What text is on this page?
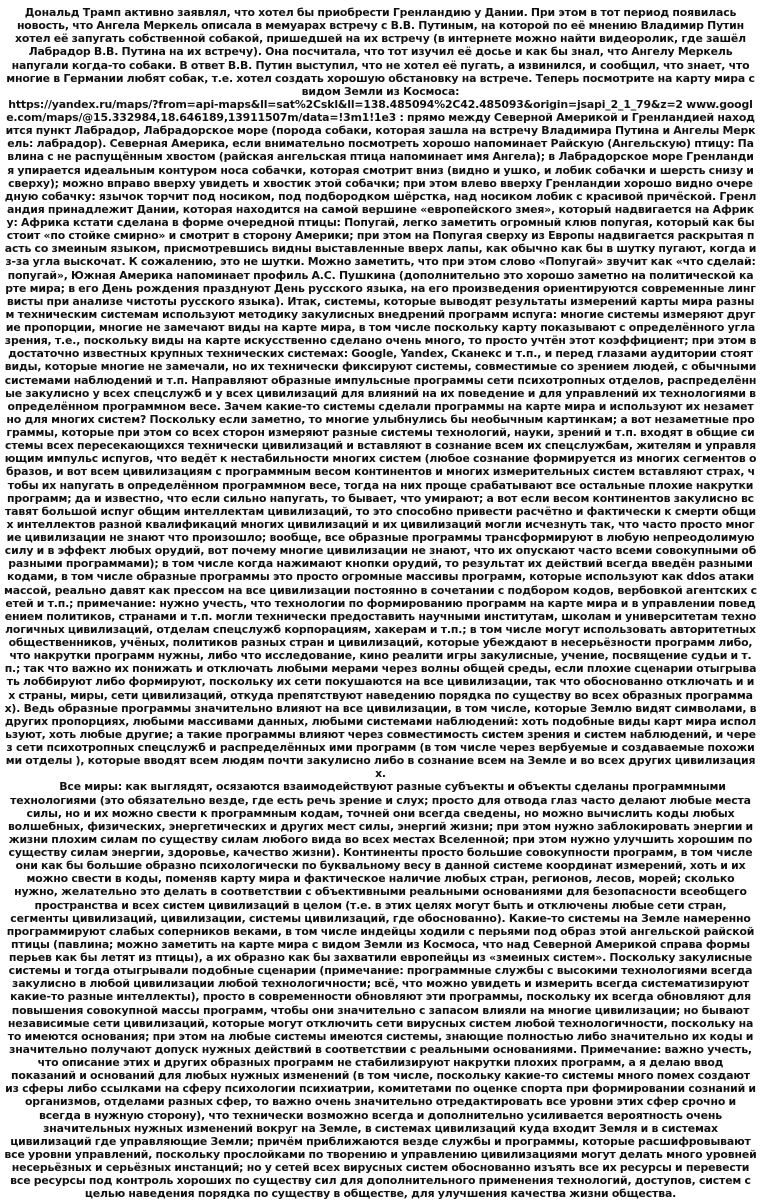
Дональд Трамп активно заявлял, что хотел бы приобрести Гренландию у Дании. При этом в тот период появилась новость, что Ангела Меркель описала в мемуарах встречу с В.В. Путиным, на которой по её мнению Владимир Путин хотел её запугать собственной собакой, пришедшей на их встречу (в интернете можно найти видеоролик, где зашёл Лабрадор В.В. Путина на их встречу). Она посчитала, что тот изучил её досье и как бы знал, что Ангелу Меркель напугали когда-то собаки. В ответ В.В. Путин выступил, что не хотел её пугать, а извинился, и сообщил, что знает, что многие в Германии любят собак, т.е. хотел создать хорошую обстановку на встрече. Теперь посмотрите на карту мира с видом Земли из Космоса:

https://yandex.ru/maps/?from=api-maps&ll=sat%2Cskl&ll=138.485094%2C42.485093&origin=jsapi_2_1_79&z=2 www.google.com/maps/@15.332984,18.646189,13911507m/data=!3m1!1e3 : прямо между Северной Америкой и Гренландией находится пункт Лабрадор, Лабрадорское море (порода собаки, которая зашла на встречу Владимира Путина и Ангелы Меркель: лабрадор). Северная Америка, если внимательно посмотреть хорошо напоминает Райскую (Ангельскую) птицу: Павлина с не распущённым хвостом (райская ангельская птица напоминает имя Ангела); в Лабрадорское море Гренландия упирается идеальным контуром носа собачки, которая смотрит вниз (видно и ушко, и лобик собачки и шерсть снизу и сверху); можно вправо вверху увидеть и хвостик этой собачки; при этом влево вверху Гренландии хорошо видно очередную собачку: язычок торчит под носиком, под подбородком шёрстка, над носиком лобик с красивой причёской. Гренландия принадлежит Дании, которая находится на самой вершине «европейского змея», который надвигается на Африку: Африка кстати сделана в форме очередной птицы: Попугай, легко заметить огромный клюв попугая, который как бы стоит «по стойке смирно» и смотрит в сторону Америки; при этом на Попугая сверху из Европы надвигается раскрытая пасть со змеиным языком, присмотревшись видны выставленные вверх лапы, как обычно как бы в шутку пугают, когда из-за угла выскочат. К сожалению, это не шутки. Можно заметить, что при этом слово «Попугай» звучит как «что сделай: попугай», Южная Америка напоминает профиль А.С. Пушкина (дополнительно это хорошо заметно на политической карте мира; в его День рождения празднуют День русского языка, на его произведения ориентируются современные лингвисты при анализе чистоты русского языка). Итак, системы, которые выводят результаты измерений карты мира разным техническим системам используют методику закулисных внедрений программ испуга: многие системы измеряют другие пропорции, многие не замечают виды на карте мира, в том числе поскольку карту показывают с определённого угла зрения, т.е., поскольку виды на карте искусственно сделано очень много, то просто учтён этот коэффициент; при этом в достаточно известных крупных технических системах: Google, Yandex, Сканекс и т.п., и перед глазами аудитории стоят виды, которые многие не замечали, но их технически фиксируют системы, совместимые со зрением людей, с обычными системами наблюдений и т.п. Направляют образные импульсные программы сети психотропных отделов, распределённые закулисно у всех спецслужб и у всех цивилизаций для влияний на их поведение и для управлений их технологиями в определённом программном весе. Зачем какие-то системы сделали программы на карте мира и используют их незаметно для многих систем? Поскольку если заметно, то многие улыбнулись бы необычным картинкам; а вот незаметные программы, которые при этом со всех сторон измеряют разные системы технологий, науки, зрений и т.п. входят в общие системы всех пересекающихся технически цивилизаций и вставляют в сознание всем их спецслужбам, жителям и управляющим импульс испугов, что ведёт к нестабильности многих систем (любое сознание формируется из многих сегментов образов, и вот всем цивилизациям с программным весом континентов и многих измерительных систем вставляют страх, чтобы их напугать в определённом программном весе, тогда на них проще срабатывают все остальные плохие накрутки программ; да и известно, что если сильно напугать, то бывает, что умирают; а вот если весом континентов закулисно вставят большой испуг общим интеллектам цивилизаций, то это способно привести расчётно и фактически к смерти общих интеллектов разной квалификаций многих цивилизаций и их цивилизаций могли исчезнуть так, что часто просто многие цивилизации не знают что произошло; вообще, все образные программы трансформируют в любую непреодолимую силу и в эффект любых орудий, вот почему многие цивилизации не знают, что их опускают часто всеми совокупными образными программами); в том числе когда нажимают кнопки орудий, то результат их действий всегда введён разными кодами, в том числе образные программы это просто огромные массивы программ, которые используют как ddos атаки массой, реально давят как прессом на все цивилизации постоянно в сочетании с подбором кодов, вербовкой агентских сетей и т.п.; примечание: нужно учесть, что технологии по формированию программ на карте мира и в управлении поведением политиков, странами и т.п. могли технически предоставить научными институтам, школам и университетам технологичных цивилизаций, отделам спецслужб корпорациям, хакерам и т.п.; в том числе могут использовать авторитетных общественников, учёных, политиков разных стран и цивилизаций, которые убеждают в несерьёзности программ либо, что накрутки программ нужны, либо что исследование, кино реалити игры закулисные, учение, посвящение судьи и т.п.; так что важно их понижать и отключать любыми мерами через волны общей среды, если плохие сценарии отыгрывать лоббируют либо формируют, поскольку их сети покушаются на все цивилизации, так что обоснованно отключать и их страны, миры, сети цивилизаций, откуда препятствуют наведению порядка по существу во всех образных программах). Ведь образные программы значительно влияют на все цивилизации, в том числе, которые Землю видят символами, в других пропорциях, любыми массивами данных, любыми системами наблюдений: хоть подобные виды карт мира используют, хоть любые другие; а такие программы влияют через совместимость систем зрения и систем наблюдений, и через сети психотропных спецслужб и распределённых ими программ (в том числе через вербуемые и создаваемые похожими отделы ), которые вводят всем людям почти закулисно либо в сознание всем на Земле и во всех других цивилизациях.

Все миры: как выглядят, осязаются взаимодействуют разные субъекты и объекты сделаны программными технологиями (это обязательно везде, где есть речь зрение и слух; просто для отвода глаз часто делают любые места силы, но и их можно свести к программным кодам, точней они всегда сведены, но можно вычислить коды любых волшебных, физических, энергетических и других мест силы, энергий жизни; при этом нужно заблокировать энергии и жизни плохим силам по существу силам любого вида во всех местах Вселенной; при этом нужно улучшить хорошим по существу силам энергии, здоровье, качество жизни). Континенты просто большие совокупности программ, в том числе они как бы большие образно психологически по буквальному весу в данной системе координат измерений, хоть и их можно свести в коды, поменяв карту мира и фактическое наличие любых стран, регионов, лесов, морей; сколько нужно, желательно это делать в соответствии с объективными реальными основаниями для безопасности всеобщего пространства и всех систем цивилизаций в целом (т.е. в этих целях могут быть и отключены любые сети стран, сегменты цивилизаций, цивилизации, системы цивилизаций, где обоснованно). Какие-то системы на Земле намеренно программируют слабых соперников веками, в том числе индейцы ходили с перьями под образ этой ангельской райской птицы (павлина; можно заметить на карте мира с видом Земли из Космоса, что над Северной Америкой справа формы перьев как бы летят из птицы), а их образно как бы захватили европейцы из «змеиных систем». Поскольку закулисные системы и тогда отыгрывали подобные сценарии (примечание: программные службы с высокими технологиями всегда закулисно в любой цивилизации любой технологичности; всё, что можно увидеть и измерить всегда систематизируют какие-то разные интеллекты), просто в современности обновляют эти программы, поскольку их всегда обновляют для повышения совокупной массы программ, чтобы они значительно с запасом влияли на многие цивилизации; но бывают независимые сети цивилизаций, которые могут отключить сети вирусных систем любой технологичности, поскольку на то имеются основания; при этом на любые системы имеются системы, знающие полностью либо значительно их коды и значительно получают допуск нужных действий в соответствии с реальными основаниями. Примечание: важно учесть, что описание этих и других образных программ не стабилизируют накрутки плохих программ, а я делаю ввод показаний и оснований для любых нужных изменений (в том числе, поскольку какие-то системы много помех создают из сферы либо ссылками на сферу психологии психиатрии, комитетами по оценке спорта при формировании сознаний и организмов, отделами разных сфер, то важно очень значительно отредактировать все уровни этих сфер срочно и всегда в нужную сторону), что технически возможно всегда и дополнительно усиливается вероятность очень значительных нужных изменений вокруг на Земле, в системах цивилизаций куда входит Земля и в системах цивилизаций где управляющие Земли; причём приближаются везде службы и программы, которые расшифровывают все уровни управлений, поскольку прослойками по творению и управлению цивилизациями могут делать много уровней несерьёзных и серьёзных инстанций; но у сетей всех вирусных систем обоснованно изъять все их ресурсы и перевести все ресурсы под контроль хороших по существу сил для дополнительного применения технологий, доступов, систем с целью наведения порядка по существу в обществе, для улучшения качества жизни общества.
